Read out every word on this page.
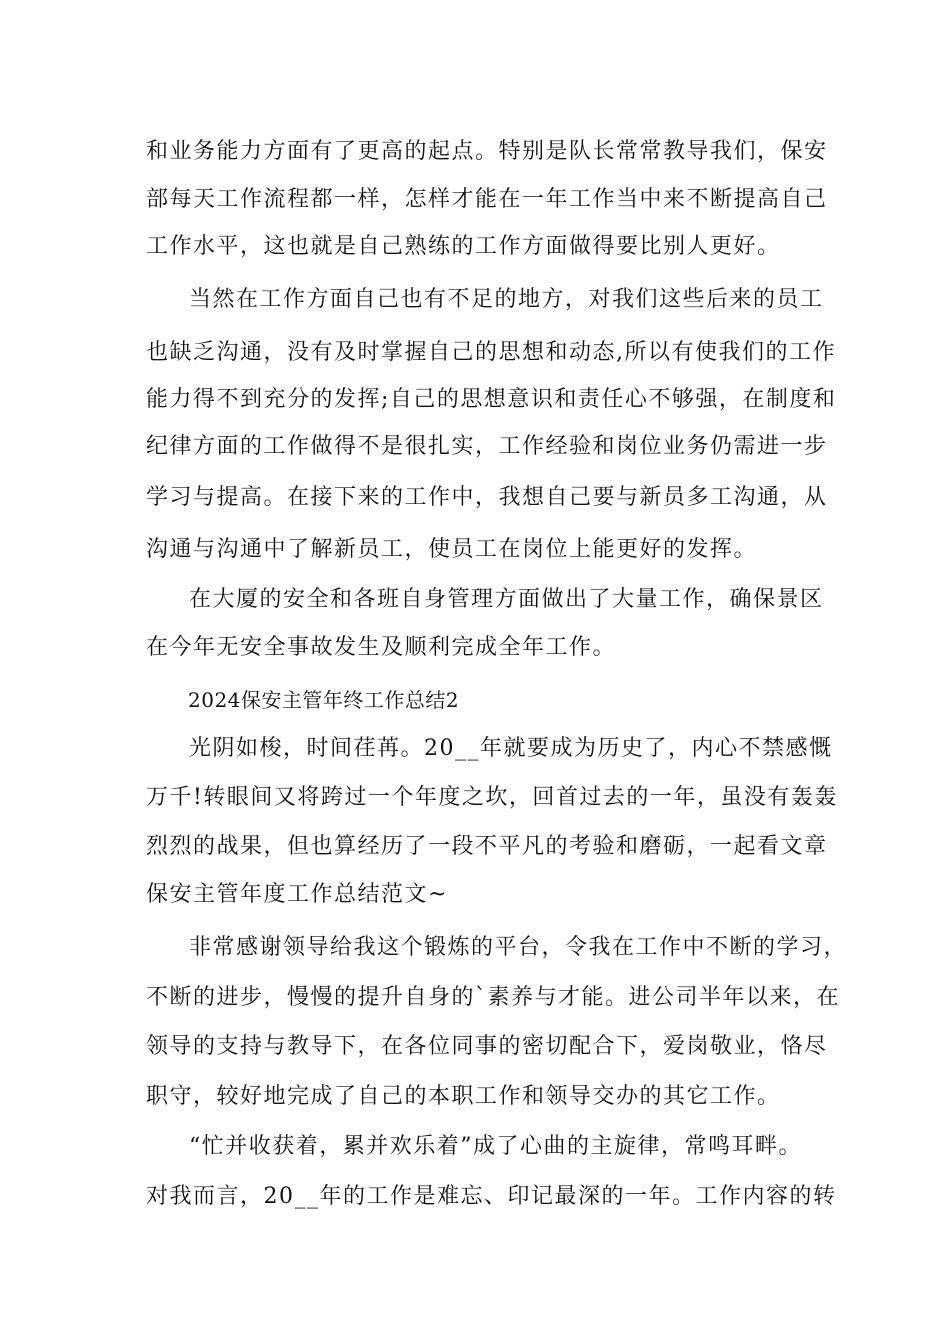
和业务能力方面有了更高的起点。特别是队长常常教导我们，保安
部每天工作流程都一样，怎样才能在一年工作当中来不断提高自己
工作水平，这也就是自己熟练的工作方面做得要比别人更好。
当然在工作方面自己也有不足的地方，对我们这些后来的员工
也缺乏沟通，没有及时掌握自己的思想和动态,所以有使我们的工作
能力得不到充分的发挥;自己的思想意识和责任心不够强，在制度和
纪律方面的工作做得不是很扎实，工作经验和岗位业务仍需进一步
学习与提高。在接下来的工作中，我想自己要与新员多工沟通，从
沟通与沟通中了解新员工，使员工在岗位上能更好的发挥。
在大厦的安全和各班自身管理方面做出了大量工作，确保景区
在今年无安全事故发生及顺利完成全年工作。
2024保安主管年终工作总结2
光阴如梭，时间荏苒。20__年就要成为历史了，内心不禁感慨
万千!转眼间又将跨过一个年度之坎，回首过去的一年，虽没有轰轰
烈烈的战果，但也算经历了一段不平凡的考验和磨砺，一起看文章
保安主管年度工作总结范文~
非常感谢领导给我这个锻炼的平台，令我在工作中不断的学习，
不断的进步，慢慢的提升自身的`素养与才能。进公司半年以来，在
领导的支持与教导下，在各位同事的密切配合下，爱岗敬业，恪尽
职守，较好地完成了自己的本职工作和领导交办的其它工作。
“忙并收获着，累并欢乐着”成了心曲的主旋律，常鸣耳畔。
对我而言，20__年的工作是难忘、印记最深的一年。工作内容的转
